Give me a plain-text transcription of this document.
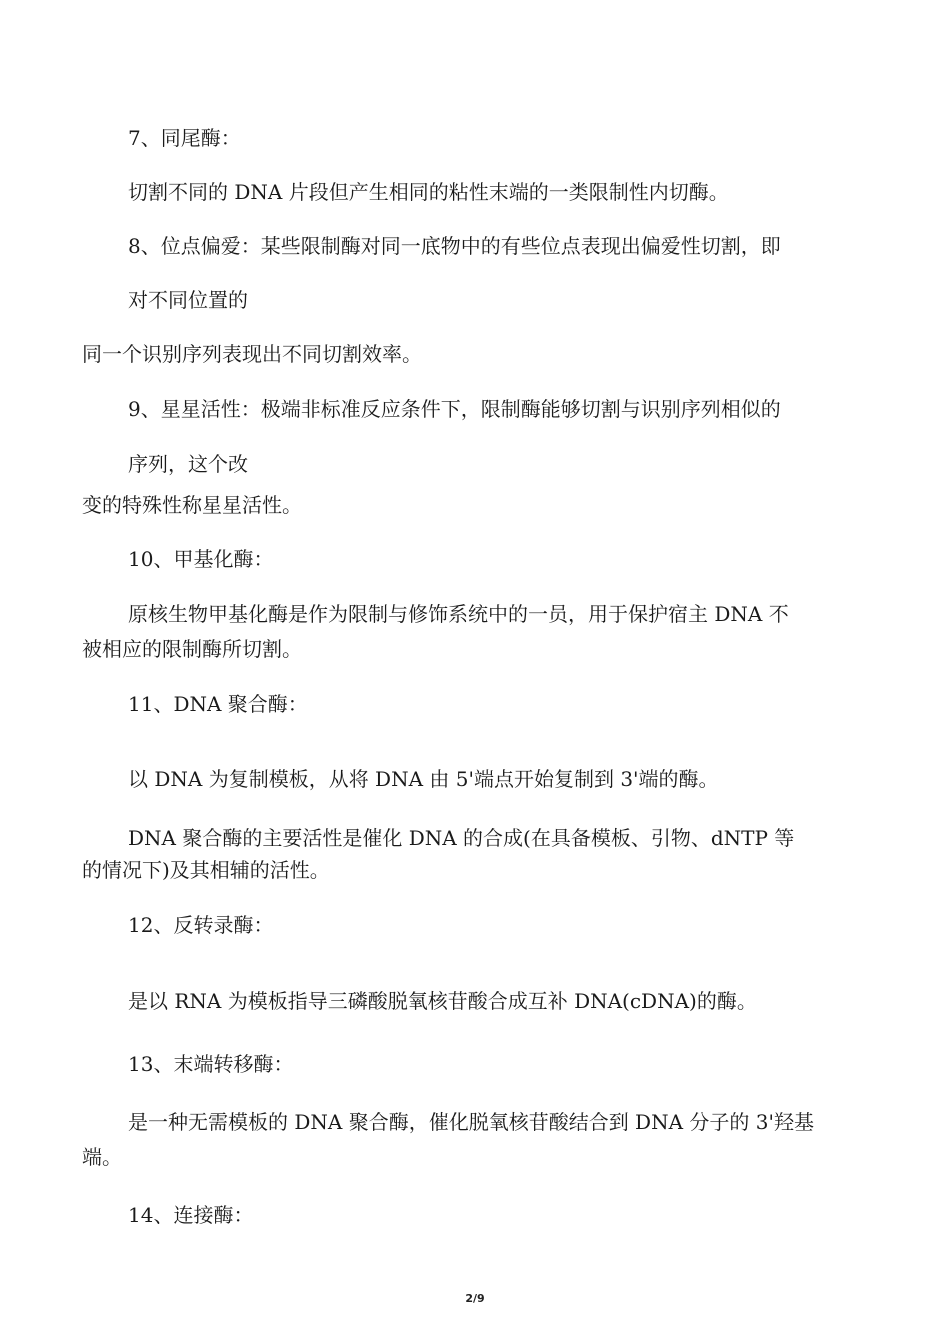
7、同尾酶：
切割不同的 DNA 片段但产生相同的粘性末端的一类限制性内切酶。
8、位点偏爱：某些限制酶对同一底物中的有些位点表现出偏爱性切割，即
对不同位置的
同一个识别序列表现出不同切割效率。
9、星星活性：极端非标准反应条件下，限制酶能够切割与识别序列相似的
序列，这个改
变的特殊性称星星活性。
10、甲基化酶：
原核生物甲基化酶是作为限制与修饰系统中的一员，用于保护宿主 DNA 不
被相应的限制酶所切割。
11、DNA 聚合酶：
以 DNA 为复制模板，从将 DNA 由 5'端点开始复制到 3'端的酶。
DNA 聚合酶的主要活性是催化 DNA 的合成(在具备模板、引物、dNTP 等
的情况下)及其相辅的活性。
12、反转录酶：
是以 RNA 为模板指导三磷酸脱氧核苷酸合成互补 DNA(cDNA)的酶。
13、末端转移酶：
是一种无需模板的 DNA 聚合酶，催化脱氧核苷酸结合到 DNA 分子的 3'羟基
端。
14、连接酶：
2/9
